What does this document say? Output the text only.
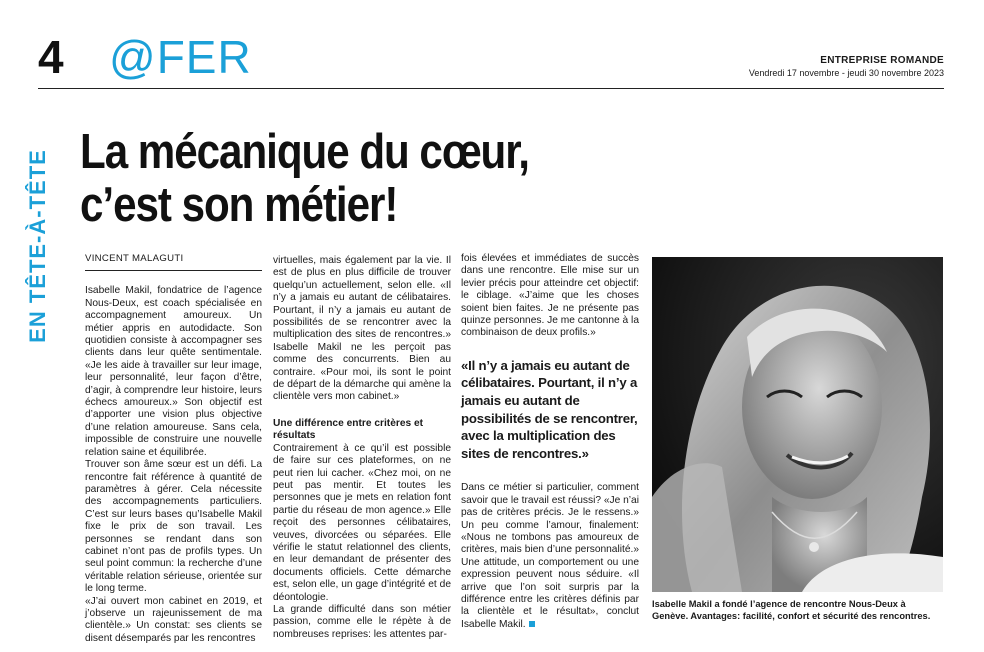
4 @FER	ENTREPRISE ROMANDE
Vendredi 17 novembre - jeudi 30 novembre 2023
EN TÊTE-À-TÊTE La mécanique du cœur,
c’est son métier!

VINCENT MALAGUTI

Isabelle Makil, fondatrice de l’agence Nous-Deux, est coach spécialisée en accompagnement amoureux. Un métier appris en autodidacte. Son quotidien consiste à accompagner ses clients dans leur quête sentimentale. «Je les aide à travailler sur leur image, leur personnalité, leur façon d’être, d’agir, à comprendre leur histoire, leurs échecs amoureux.» Son objectif est d’apporter une vision plus objective d’une relation amoureuse. Sans cela, impossible de construire une nouvelle relation saine et équilibrée.

Trouver son âme sœur est un défi. La rencontre fait référence à quantité de paramètres à gérer. Cela nécessite des accompagnements particuliers. C’est sur leurs bases qu’Isabelle Makil fixe le prix de son travail. Les personnes se rendant dans son cabinet n’ont pas de profils types. Un seul point commun: la recherche d’une véritable relation sérieuse, orientée sur le long terme.

«J’ai ouvert mon cabinet en 2019, et j’observe un rajeunissement de ma clientèle.» Un constat: ses clients se disent désemparés par les rencontres

virtuelles, mais également par la vie. Il est de plus en plus difficile de trouver quelqu’un actuellement, selon elle. «Il n’y a jamais eu autant de célibataires. Pourtant, il n’y a jamais eu autant de possibilités de se rencontrer avec la multiplication des sites de rencontres.» Isabelle Makil ne les perçoit pas comme des concurrents. Bien au contraire. «Pour moi, ils sont le point de départ de la démarche qui amène la clientèle vers mon cabinet.»

Une différence entre critères et résultats

Contrairement à ce qu’il est possible de faire sur ces plateformes, on ne peut rien lui cacher. «Chez moi, on ne peut pas mentir. Et toutes les personnes que je mets en relation font partie du réseau de mon agence.» Elle reçoit des personnes célibataires, veuves, divorcées ou séparées. Elle vérifie le statut relationnel des clients, en leur demandant de présenter des documents officiels. Cette démarche est, selon elle, un gage d’intégrité et de déontologie.

La grande difficulté dans son métier passion, comme elle le répète à de nombreuses reprises: les attentes par-

fois élevées et immédiates de succès dans une rencontre. Elle mise sur un levier précis pour atteindre cet objectif: le ciblage. «J’aime que les choses soient bien faites. Je ne présente pas quinze personnes. Je me cantonne à la combinaison de deux profils.»

«Il n’y a jamais eu autant de célibataires. Pourtant, il n’y a jamais eu autant de possibilités de se rencontrer, avec la multiplication des sites de rencontres.»

Dans ce métier si particulier, comment savoir que le travail est réussi? «Je n’ai pas de critères précis. Je le ressens.» Un peu comme l’amour, finalement: «Nous ne tombons pas amoureux de critères, mais bien d’une personnalité.» Une attitude, un comportement ou une expression peuvent nous séduire. «Il arrive que l’on soit surpris par la différence entre les critères définis par la clientèle et le résultat», conclut Isabelle Makil.

Isabelle Makil a fondé l’agence de rencontre Nous-Deux à Genève. Avantages: facilité, confort et sécurité des rencontres.
